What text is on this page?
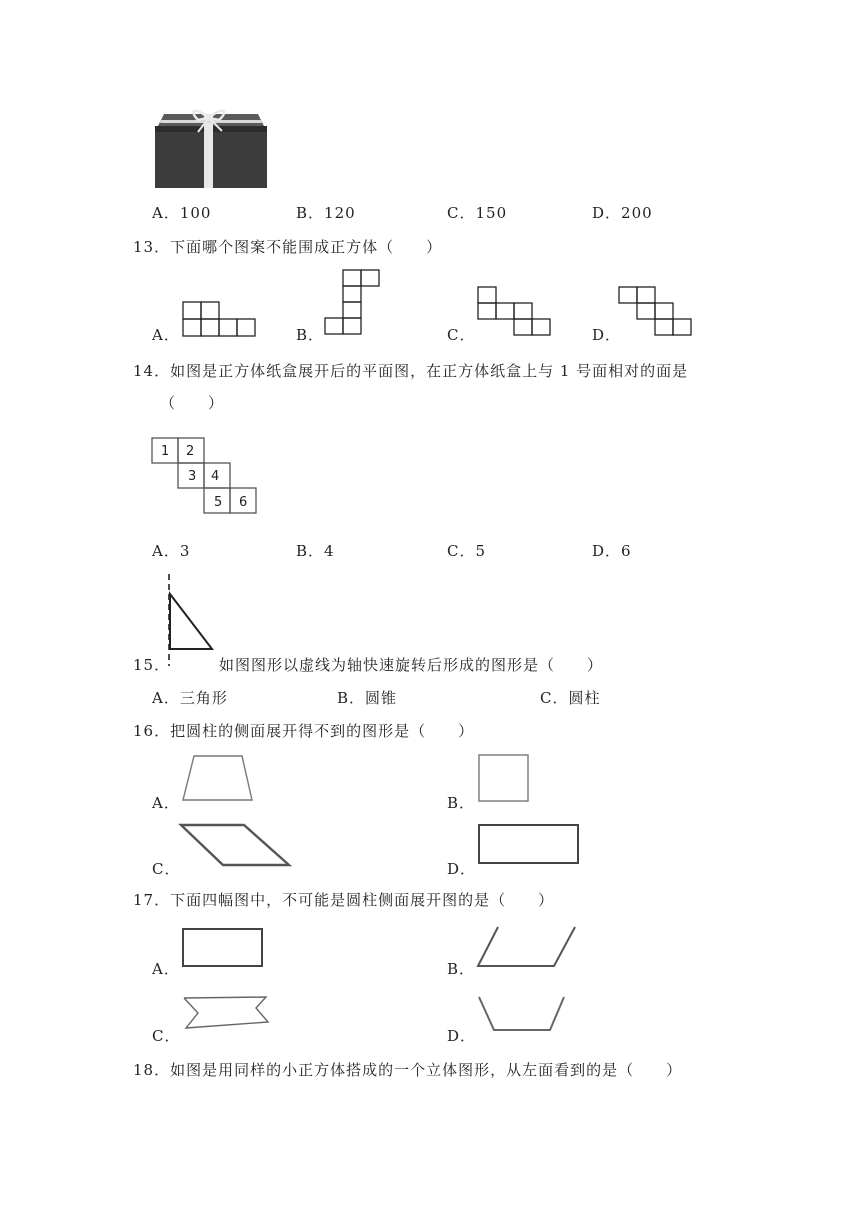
A．100	B．120	C．150	D．200
13．下面哪个图案不能围成正方体（　　）
A．	B．	C．	D．
14．如图是正方体纸盒展开后的平面图，在正方体纸盒上与 1 号面相对的面是
（　　）
1 2
3 4
5 6
A．3	B．4	C．5	D．6
15．	如图图形以虚线为轴快速旋转后形成的图形是（　　）
A．三角形	B．圆锥	C．圆柱
16．把圆柱的侧面展开得不到的图形是（　　）
A．	B．
C．	D．
17．下面四幅图中，不可能是圆柱侧面展开图的是（　　）
A．	B．
C．	D．
18．如图是用同样的小正方体搭成的一个立体图形，从左面看到的是（　　）
